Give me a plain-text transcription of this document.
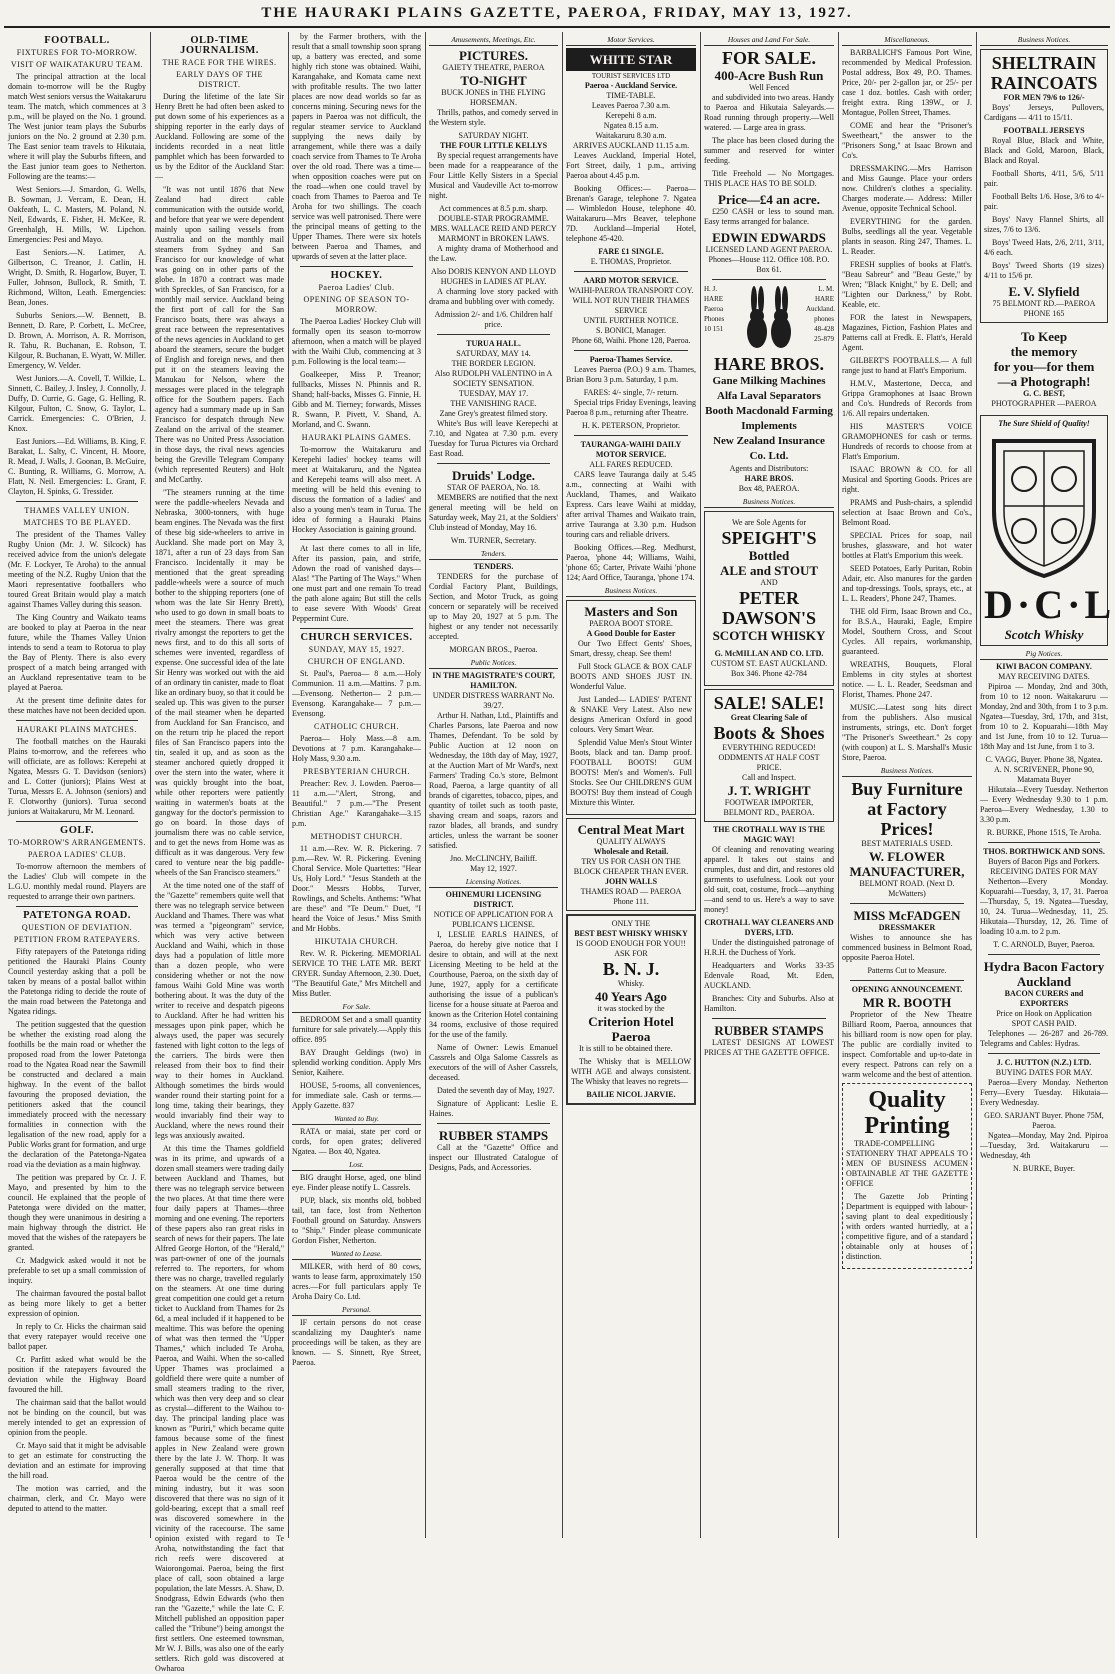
THE HAURAKI PLAINS GAZETTE, PAEROA, FRIDAY, MAY 13, 1927.
FOOTBALL.
FIXTURES FOR TO-MORROW.
VISIT OF WAIKATAKURU TEAM.

The principal attraction at the local domain to-morrow will be the Rugby match West seniors versus the Waitakaruru team. The match, which commences at 3 p.m., will be played on the No. 1 ground. The West junior team plays the Suburbs juniors on the No. 2 ground at 2.30 p.m. The East senior team travels to Hikutaia, where it will play the Suburbs fifteen, and the East junior team goes to Netherton. Following are the teams:—

West Seniors.—J. Smardon, G. Wells, B. Sowman, J. Vercam, E. Dean, H. Oakfeath, L. C. Masters, M. Poland, N. Neil, Edwards, E. Fisher, H. McKee, R. Greenhalgh, H. Mills, W. Lipchon. Emergencies: Pesi and Mayo.

East Seniors.—N. Latimer, A. Gilbertson, C. Treanor, J. Catlin, H. Wright, D. Smith, R. Hogarlow, Buyer, T. Fuller, Johnson, Bullock, R. Smith, T. Richmond, Wilton, Leath. Emergencies: Bean, Jones.

Suburbs Seniors.—W. Bennett, B. Bennett, D. Rare, P. Corbett, L. McCree, D. Brown, A. Morrison, A. R. Morrison, R. Tahu, R. Buchanan, E. Robson, T. Kilgour, R. Buchanan, E. Wyatt, W. Miller. Emergency, W. Velder.

West Juniors.—A. Covell, T. Wilkie, L. Sinnett, C. Bailey, J. Insley, J. Connolly, J. Duffy, D. Currie, G. Gage, G. Helling, R. Kilgour, Fulton, C. Snow, G. Taylor, L. Carrick. Emergencies: C. O'Brien, J. Knox.

East Juniors.—Ed. Williams, B. King, F. Barakat, L. Salty, C. Vincent, H. Moore, R. Mead, J. Walls, J. Goonan, B. McGuire, C. Bunting, R. Williams, G. Morrow, A. Flatt, N. Neil. Emergencies: L. Grant, F. Clayton, H. Spinks, G. Tressider.

THAMES VALLEY UNION.
MATCHES TO BE PLAYED.

The president of the Thames Valley Rugby Union (Mr. J. W. Silcock) has received advice from the union's delegate (Mr. F. Lockyer, Te Aroha) to the annual meeting of the N.Z. Rugby Union that the Maori representative footballers who toured Great Britain would play a match against Thames Valley during this season.

The King Country and Waikato teams are booked to play at Paeroa in the near future, while the Thames Valley Union intends to send a team to Rotorua to play the Bay of Plenty. There is also every prospect of a match being arranged with an Auckland representative team to be played at Paeroa.

At the present time definite dates for these matches have not been decided upon.

HAURAKI PLAINS MATCHES.

The football matches on the Hauraki Plains to-morrow, and the referees who will officiate, are as follows: Kerepehi at Ngatea, Messrs G. T. Davidson (seniors) and L. Cotter (juniors); Plains West at Turua, Messrs E. A. Johnson (seniors) and F. Clotworthy (juniors). Turua second juniors at Waitakaruru, Mr M. Leonard.

GOLF.
TO-MORROW'S ARRANGEMENTS.
PAEROA LADIES' CLUB.

To-morrow afternoon the members of the Ladies' Club will compete in the L.G.U. monthly medal round. Players are requested to arrange their own partners.

PATETONGA ROAD.
QUESTION OF DEVIATION.
PETITION FROM RATEPAYERS.

Fifty ratepayers of the Patetonga riding petitioned the Hauraki Plains County Council yesterday asking that a poll be taken by means of a postal ballot within the Patetonga riding to decide the route of the main road between the Patetonga and Ngatea ridings.

The petition suggested that the question be whether the existing road along the foothills be the main road or whether the proposed road from the lower Patetonga road to the Ngatea Road near the Sawmill be constructed and declared a main highway. In the event of the ballot favouring the proposed deviation, the petitioners asked that the council immediately proceed with the necessary formalities in connection with the legalisation of the new road, apply for a Public Works grant for formation, and urge the declaration of the Patetonga-Ngatea road via the deviation as a main highway.

The petition was prepared by Cr. J. F. Mayo, and presented by him to the council. He explained that the people of Patetonga were divided on the matter, though they were unanimous in desiring a main highway through the district. He moved that the wishes of the ratepayers be granted.

Cr. Madgwick asked would it not be preferable to set up a small commission of inquiry.

The chairman favoured the postal ballot as being more likely to get a better expression of opinion.

In reply to Cr. Hicks the chairman said that every ratepayer would receive one ballot paper.

Cr. Parfitt asked what would be the position if the ratepayers favoured the deviation while the Highway Board favoured the hill.

The chairman said that the ballot would not be binding on the council, but was merely intended to get an expression of opinion from the people.

Cr. Mayo said that it might be advisable to get an estimate for constructing the deviation and an estimate for improving the hill road.

The motion was carried, and the chairman, clerk, and Cr. Mayo were deputed to attend to the matter.

OLD-TIME JOURNALISM.
THE RACE FOR THE WIRES.
EARLY DAYS OF THE DISTRICT.

During the lifetime of the late Sir Henry Brett he had often been asked to put down some of his experiences as a shipping reporter in the early days of Auckland. Following are some of the incidents recorded in a neat little pamphlet which has been forwarded to us by the Editor of the Auckland Star:—

"It was not until 1876 that New Zealand had direct cable communication with the outside world, and before that year we were dependent mainly upon sailing vessels from Australia and on the monthly mail steamers from Sydney and San Francisco for our knowledge of what was going on in other parts of the globe. In 1870 a contract was made with Spreckles, of San Francisco, for a monthly mail service. Auckland being the first port of call for the San Francisco boats, there was always a great race between the representatives of the news agencies in Auckland to get aboard the steamers, secure the budget of English and foreign news, and then put it on the steamers leaving the Manukau for Nelson, where the messages were placed in the telegraph office for the Southern papers. Each agency had a summary made up in San Francisco for despatch through New Zealand on the arrival of the steamer. There was no United Press Association in those days, the rival news agencies being the Greville Telegram Company (which represented Reuters) and Holt and McCarthy.

"The steamers running at the time were the paddle-wheelers Nevada and Nebraska, 3000-tonners, with huge beam engines. The Nevada was the first of these big side-wheelers to arrive in Auckland. She made port on May 3, 1871, after a run of 23 days from San Francisco. Incidentally it may be mentioned that the great spreading paddle-wheels were a source of much bother to the shipping reporters (one of whom was the late Sir Henry Brett), who used to go down in small boats to meet the steamers. There was great rivalry amongst the reporters to get the news first, and to do this all sorts of schemes were invented, regardless of expense. One successful idea of the late Sir Henry was worked out with the aid of an ordinary tin canister, made to float like an ordinary buoy, so that it could be sealed up. This was given to the purser of the mail steamer when he departed from Auckland for San Francisco, and on the return trip he placed the report files of San Francisco papers into the tin, sealed it up, and as soon as the steamer anchored quietly dropped it over the stern into the water, where it was quickly brought into the boat, while other reporters were patiently waiting in watermen's boats at the gangway for the doctor's permission to go on board. In those days of journalism there was no cable service, and to get the news from Home was as difficult as it was dangerous. Very few cared to venture near the big paddle-wheels of the San Francisco steamers."

At the time noted one of the staff of the "Gazette" remembers quite well that there was no telegraph service between Auckland and Thames. There was what was termed a "pigeongram" service, which was very active between Auckland and Waihi, which in those days had a population of little more than a dozen people, who were considering whether or not the now famous Waihi Gold Mine was worth bothering about. It was the duty of the writer to receive and despatch pigeons to Auckland. After he had written his messages upon pink paper, which he always used, the paper was securely fastened with light cotton to the legs of the carriers. The birds were then released from their box to find their way to their homes in Auckland. Although sometimes the birds would wander round their starting point for a long time, taking their bearings, they would invariably find their way to Auckland, where the news round their legs was anxiously awaited.

At this time the Thames goldfield was in its prime, and upwards of a dozen small steamers were trading daily between Auckland and Thames, but there was no telegraph service between the two places. At that time there were four daily papers at Thames—three morning and one evening. The reporters of these papers also ran great risks in search of news for their papers. The late Alfred George Horton, of the "Herald," was part-owner of one of the journals referred to. The reporters, for whom there was no charge, travelled regularly on the steamers. At one time during great competition one could get a return ticket to Auckland from Thames for 2s 6d, a meal included if it happened to be mealtime. This was before the opening of what was then termed the "Upper Thames," which included Te Aroha, Paeroa, and Waihi. When the so-called Upper Thames was proclaimed a goldfield there were quite a number of small steamers trading to the river, which was then very deep and so clear as crystal—different to the Waihou to-day. The principal landing place was known as "Puriri," which became quite famous because some of the finest apples in New Zealand were grown there by the late J. W. Thorp. It was generally supposed at that time that Paeroa would be the centre of the mining industry, but it was soon discovered that there was no sign of it gold-bearing, except that a small reef was discovered somewhere in the vicinity of the racecourse. The same opinion existed with regard to Te Aroha, notwithstanding the fact that rich reefs were discovered at Waiorongomai. Paeroa, being the first place of call, soon obtained a large population, the late Messrs. A. Shaw, D. Snodgrass, Edwin Edwards (who then ran the "Gazette," while the late C. F. Mitchell published an opposition paper called the "Tribune") being amongst the first settlers. One esteemed townsman, Mr W. J. Bills, was also one of the early settlers. Rich gold was discovered at Owharoa

by the Farmer brothers, with the result that a small township soon sprang up, a battery was erected, and some highly rich stone was obtained. Waihi, Karangahake, and Komata came next with profitable results. The two latter places are now dead worlds so far as concerns mining. Securing news for the papers in Paeroa was not difficult, the regular steamer service to Auckland supplying the news daily by arrangement, while there was a daily coach service from Thames to Te Aroha over the old road. There was a time—when opposition coaches were put on the road—when one could travel by coach from Thames to Paeroa and Te Aroha for two shillings. The coach service was well patronised. There were the principal means of getting to the Upper Thames. There were six hotels between Paeroa and Thames, and upwards of seven at the latter place.

HOCKEY.
Paeroa Ladies' Club.
OPENING OF SEASON TO-MORROW.

The Paeroa Ladies' Hockey Club will formally open its season to-morrow afternoon, when a match will be played with the Waihi Club, commencing at 3 p.m. Following is the local team:—

Goalkeeper, Miss P. Treanor; fullbacks, Misses N. Phinnis and R. Shand; half-backs, Misses G. Finnie, H. Gibb and M. Tierney; forwards, Misses R. Swann, P. Pivett, V. Shand, A. Morland, and C. Swann.

HAURAKI PLAINS GAMES.

To-morrow the Waitakaruru and Kerepehi ladies' hockey teams will meet at Waitakaruru, and the Ngatea and Kerepehi teams will also meet. A meeting will be held this evening to discuss the formation of a ladies' and also a young men's team in Turua. The idea of forming a Hauraki Plains Hockey Association is gaining ground.

At last there comes to all in life, After its passion, pain, and strife, Adown the road of vanished days— Alas! "The Parting of The Ways." When one must part and one remain To tread the path alone again; But still the cells to ease severe With Woods' Great Peppermint Cure.

CHURCH SERVICES.
SUNDAY, MAY 15, 1927.
CHURCH OF ENGLAND.

St. Paul's, Paeroa— 8 a.m.—Holy Communion. 11 a.m.—Mattins. 7 p.m.—Evensong. Netherton— 2 p.m.—Evensong. Karangahake— 7 p.m.—Evensong.

CATHOLIC CHURCH.

Paeroa— Holy Mass.—8 a.m. Devotions at 7 p.m. Karangahake— Holy Mass, 9.30 a.m.

PRESBYTERIAN CHURCH.

Preacher: Rev. J. Lowden. Paeroa— 11 a.m.—"Alert, Strong, and Beautiful." 7 p.m.—"The Present Christian Age." Karangahake—3.15 p.m.

METHODIST CHURCH.

11 a.m.—Rev. W. R. Pickering. 7 p.m.—Rev. W. R. Pickering. Evening Choral Service. Mole Quartettes: "Hear Us, Holy Lord." "Jesus Standeth at the Door." Messrs Hobbs, Turver, Rowlings, and Schelts. Anthems: "What are these" and "Te Deum." Duet, "I heard the Voice of Jesus." Miss Smith and Mr Hobbs.

HIKUTAIA CHURCH.

Rev. W. R. Pickering. MEMORIAL SERVICE TO THE LATE MR. BERT CRYER. Sunday Afternoon, 2.30. Duet, "The Beautiful Gate," Mrs Mitchell and Miss Butler.

For Sale.

BEDROOM Set and a small quantity furniture for sale privately.—Apply this office. 895

BAY Draught Geldings (two) in splendid working condition. Apply Mrs Senior, Kaihere.

HOUSE, 5-rooms, all conveniences, for immediate sale. Cash or terms.—Apply Gazette. 837

Wanted to Buy.

RATA or maiai, state per cord or cords, for open grates; delivered Ngatea. — Box 40, Ngatea.

Lost.

BIG draught Horse, aged, one blind eye. Finder please notify L. Cassrels.

PUP, black, six months old, bobbed tail, tan face, lost from Netherton Football ground on Saturday. Answers to "Ship." Finder please communicate Gordon Fisher, Netherton.

Wanted to Lease.

MILKER, with herd of 80 cows, wants to lease farm, approximately 150 acres.—For full particulars apply Te Aroha Dairy Co. Ltd.

Personal.

IF certain persons do not cease scandalizing my Daughter's name proceedings will be taken, as they are known. — S. Sinnett, Rye Street, Paeroa.

Amusements, Meetings, Etc.
PICTURES.
GAIETY THEATRE, PAEROA
TO-NIGHT
BUCK JONES in THE FLYING HORSEMAN.

Thrills, pathos, and comedy served in the Western style.

SATURDAY NIGHT.
THE FOUR LITTLE KELLYS

By special request arrangements have been made for a reappearance of the Four Little Kelly Sisters in a Special Musical and Vaudeville Act to-morrow night.

Act commences at 8.5 p.m. sharp.
DOUBLE-STAR PROGRAMME.
MRS. WALLACE REID AND PERCY MARMONT in BROKEN LAWS.

A mighty drama of Motherhood and the Law.

Also DORIS KENYON AND LLOYD HUGHES in LADIES AT PLAY.

A charming love story packed with drama and bubbling over with comedy.

Admission 2/- and 1/6. Children half price.
TURUA HALL.
SATURDAY, MAY 14.
THE BORDER LEGION.
Also RUDOLPH VALENTINO in A SOCIETY SENSATION.
TUESDAY, MAY 17.
THE VANISHING RACE.
Zane Grey's greatest filmed story.

White's Bus will leave Kerepechi at 7.10, and Ngatea at 7.30 p.m. every Tuesday for Turua Pictures via Orchard East Road.

Druids' Lodge.
STAR OF PAEROA, No. 18.

MEMBERS are notified that the next general meeting will be held on Saturday week, May 21, at the Soldiers' Club instead of Monday, May 16.

Wm. TURNER, Secretary.
Tenders.
TENDERS.

TENDERS for the purchase of Cordial Factory Plant, Buildings, Section, and Motor Truck, as going concern or separately will be received up to May 20, 1927 at 5 p.m. The highest or any tender not necessarily accepted.

MORGAN BROS., Paeroa.
Public Notices.
IN THE MAGISTRATE'S COURT, HAMILTON.
UNDER DISTRESS WARRANT No. 39/27.

Arthur H. Nathan, Ltd., Plaintiffs and Charles Parsons, late Paeroa and now Thames, Defendant. To be sold by Public Auction at 12 noon on Wednesday, the 18th day of May, 1927, at the Auction Mart of Mr Ward's, next Farmers' Trading Co.'s store, Belmont Road, Paeroa, a large quantity of all brands of cigarettes, tobacco, pipes, and quantity of toilet such as tooth paste, shaving cream and soaps, razors and razor blades, all brands, and sundry articles, unless the warrant be sooner satisfied.

Jno. McCLINCHY, Bailiff.
May 12, 1927.
Licensing Notices.
OHINEMURI LICENSING DISTRICT.
NOTICE OF APPLICATION FOR A PUBLICAN'S LICENSE.

I, LESLIE EARLS HAINES, of Paeroa, do hereby give notice that I desire to obtain, and will at the next Licensing Meeting to be held at the Courthouse, Paeroa, on the sixth day of June, 1927, apply for a certificate authorising the issue of a publican's license for a house situate at Paeroa and known as the Criterion Hotel containing 34 rooms, exclusive of those required for the use of the family.

Name of Owner: Lewis Emanuel Cassrels and Olga Salome Cassrels as executors of the will of Asher Cassrels, deceased.

Dated the seventh day of May, 1927.

Signature of Applicant: Leslie E. Haines.

RUBBER STAMPS

Call at the "Gazette" Office and inspect our Illustrated Catalogue of Designs, Pads, and Accessories.

Motor Services.
WHITE STAR
TOURIST SERVICES LTD
Paeroa - Auckland Service.
TIME-TABLE.
Leaves Paeroa 7.30 a.m.
Kerepehi 8 a.m.
Ngatea 8.15 a.m.
Waitakaruru 8.30 a.m.
ARRIVES AUCKLAND 11.15 a.m.

Leaves Auckland, Imperial Hotel, Fort Street, daily, 1 p.m., arriving Paeroa about 4.45 p.m.

Booking Offices:— Paeroa—Brenan's Garage, telephone 7. Ngatea — Wimbledon House, telephone 40. Waitakaruru—Mrs Beaver, telephone 7D. Auckland—Imperial Hotel, telephone 45-420.

FARE £1 SINGLE.
E. THOMAS, Proprietor.
AARD MOTOR SERVICE.
WAIHI-PAEROA TRANSPORT COY.
WILL NOT RUN THEIR THAMES SERVICE
UNTIL FURTHER NOTICE.
S. BONICI, Manager.
Phone 68, Waihi. Phone 128, Paeroa.
Paeroa-Thames Service.

Leaves Paeroa (P.O.) 9 a.m. Thames, Brian Boru 3 p.m. Saturday, 1 p.m.

FARES: 4/- single, 7/- return.

Special trips Friday Evenings, leaving Paeroa 8 p.m., returning after Theatre.

H. K. PETERSON, Proprietor.
TAURANGA-WAIHI DAILY MOTOR SERVICE.
ALL FARES REDUCED.

CARS leave Tauranga daily at 5.45 a.m., connecting at Waihi with Auckland, Thames, and Waikato Express. Cars leave Waihi at midday, after arrival Thames and Waikato train, arrive Tauranga at 3.30 p.m. Hudson touring cars and reliable drivers.

Booking Offices.—Reg. Medhurst, Paeroa, 'phone 44; Williams, Waihi, 'phone 65; Carter, Private Waihi 'phone 124; Aard Office, Tauranga, 'phone 174.

Business Notices.
Masters and Son
PAEROA BOOT STORE.
A Good Double for Easter

Our Two Effect Gents' Shoes, Smart, dressy, cheap. See them!

Full Stock GLACE & BOX CALF BOOTS AND SHOES JUST IN. Wonderful Value.

Just Landed— LADIES' PATENT & SNAKE Very Latest. Also new designs American Oxford in good colours. Very Smart Wear.

Splendid Value Men's Stout Winter Boots, black and tan. Damp proof. FOOTBALL BOOTS! GUM BOOTS! Men's and Women's. Full Stocks. See Our CHILDREN'S GUM BOOTS! Buy them instead of Cough Mixture this Winter.

Central Meat Mart
QUALITY ALWAYS
Wholesale and Retail.
TRY US FOR CASH ON THE BLOCK CHEAPER THAN EVER.
JOHN WALLS
THAMES ROAD — PAEROA Phone 111.
ONLY THE
BEST BEST WHISKY WHISKY
IS GOOD ENOUGH FOR YOU!!
ASK FOR
B. N. J.
Whisky.
40 Years Ago
it was stocked by the
Criterion Hotel
Paeroa

It is still to be obtained there.

The Whisky that is MELLOW WITH AGE and always consistent. The Whisky that leaves no regrets—

BAILIE NICOL JARVIE.
Houses and Land For Sale.
FOR SALE.
400-Acre Bush Run
Well Fenced

and subdivided into two areas. Handy to Paeroa and Hikutaia Saleyards.—Road running through property.—Well watered. — Large area in grass.

The place has been closed during the summer and reserved for winter feeding.

Title Freehold — No Mortgages. THIS PLACE HAS TO BE SOLD.

Price—£4 an acre.

£250 CASH or less to sound man. Easy terms arranged for balance.

EDWIN EDWARDS
LICENSED LAND AGENT PAEROA.
Phones—House 112. Office 108. P.O. Box 61.
H. J. HARE Paeroa Phones 10 151
L. M. HARE Auckland. phones 48-428 25-879
HARE BROS.
Gane Milking Machines
Alfa Laval Separators
Booth Macdonald Farming Implements
New Zealand Insurance Co. Ltd.
Agents and Distributors:
HARE BROS.
Box 48, PAEROA.
Business Notices.
We are Sole Agents for
SPEIGHT'S
Bottled
ALE and STOUT
AND
PETER DAWSON'S
SCOTCH WHISKY
G. McMILLAN AND CO. LTD.
CUSTOM ST. EAST AUCKLAND.
Box 346. Phone 42-784
SALE! SALE!
Great Clearing Sale of
Boots & Shoes
EVERYTHING REDUCED!
ODDMENTS AT HALF COST PRICE.
Call and Inspect.
J. T. WRIGHT
FOOTWEAR IMPORTER, BELMONT RD., PAEROA.
THE CROTHALL WAY IS THE MAGIC WAY!

Of cleaning and renovating wearing apparel. It takes out stains and crumples, dust and dirt, and restores old garments to usefulness. Look out your old suit, coat, costume, frock—anything—and send to us. Here's a way to save money!

CROTHALL WAY CLEANERS AND DYERS, LTD.

Under the distinguished patronage of H.R.H. the Duchess of York.

Headquarters and Works 33-35 Edenvale Road, Mt. Eden, AUCKLAND.

Branches: City and Suburbs. Also at Hamilton.

RUBBER STAMPS

LATEST DESIGNS AT LOWEST PRICES AT THE GAZETTE OFFICE.

Miscellaneous.

BARBALICH'S Famous Port Wine, recommended by Medical Profession. Postal address, Box 49, P.O. Thames. Price, 20/- per 2-gallon jar, or 25/- per case 1 doz. bottles. Cash with order; freight extra. Ring 139W., or J. Montague, Pollen Street, Thames.

COME and hear the "Prisoner's Sweetheart," the answer to the "Prisoners Song," at Isaac Brown and Co's.

DRESSMAKING.—Mrs Harrison and Miss Gaunge. Place your orders now. Children's clothes a speciality. Charges moderate.— Address: Miller Avenue, opposite Technical School.

EVERYTHING for the garden. Bulbs, seedlings all the year. Vegetable plants in season. Ring 247, Thames. L. L. Reader.

FRESH supplies of books at Flatt's. "Beau Sabreur" and "Beau Geste," by Wren; "Black Knight," by E. Dell; and "Lighten our Darkness," by Robt. Keable, etc.

FOR the latest in Newspapers, Magazines, Fiction, Fashion Plates and Patterns call at Fredk. E. Flatt's, Herald Agent.

GILBERT'S FOOTBALLS.— A full range just to hand at Flatt's Emporium.

H.M.V., Mastertone, Decca, and Grippa Gramophones at Isaac Brown and Co's. Hundreds of Records from 1/6. All repairs undertaken.

HIS MASTER'S VOICE GRAMOPHONES for cash or terms. Hundreds of records to choose from at Flatt's Emporium.

ISAAC BROWN & CO. for all Musical and Sporting Goods. Prices are right.

PRAMS and Push-chairs, a splendid selection at Isaac Brown and Co's., Belmont Road.

SPECIAL Prices for soap, nail brushes, glassware, and hot water bottles at Flatt's Emporium this week.

SEED Potatoes, Early Puritan, Robin Adair, etc. Also manures for the garden and top-dressings. Tools, sprays, etc., at L. L. Readers', Phone 247, Thames.

THE old Firm, Isaac Brown and Co., for B.S.A., Hauraki, Eagle, Empire Model, Southern Cross, and Scout Cycles. All repairs, workmanship, guaranteed.

WREATHS, Bouquets, Floral Emblems in city styles at shortest notice. — L. L. Reader, Seedsman and Florist, Thames. Phone 247.

MUSIC.—Latest song hits direct from the publishers. Also musical instruments, strings, etc. Don't forget "The Prisoner's Sweetheart." 2s copy (with coupon) at L. S. Marshall's Music Store, Paeroa.

Business Notices.
Buy Furniture at Factory Prices!
BEST MATERIALS USED.
W. FLOWER MANUFACTURER,
BELMONT ROAD. (Next D. McWatters)
MISS McFADGEN
DRESSMAKER

Wishes to announce she has commenced business in Belmont Road, opposite Paeroa Hotel.

Patterns Cut to Measure.
OPENING ANNOUNCEMENT.
MR R. BOOTH

Proprietor of the New Theatre Billiard Room, Paeroa, announces that his billiard room is now open for play. The public are cordially invited to inspect. Comfortable and up-to-date in every respect. Patrons can rely on a warm welcome and the best of attention.

Quality Printing

TRADE-COMPELLING STATIONERY THAT APPEALS TO MEN OF BUSINESS ACUMEN OBTAINABLE AT THE GAZETTE OFFICE

The Gazette Job Printing Department is equipped with labour-saving plant to deal expeditiously with orders wanted hurriedly, at a competitive figure, and of a standard obtainable only at houses of distinction.

Business Notices.
SHELTRAIN RAINCOATS
FOR MEN 79/6 to 126/-

Boys' Jerseys, Pullovers, Cardigans — 4/11 to 15/11.

FOOTBALL JERSEYS

Royal Blue, Black and White, Black and Gold, Maroon, Black, Black and Royal.

Football Shorts, 4/11, 5/6, 5/11 pair.

Football Belts 1/6. Hose, 3/6 to 4/- pair.

Boys' Navy Flannel Shirts, all sizes, 7/6 to 13/6.

Boys' Tweed Hats, 2/6, 2/11, 3/11, 4/6 each.

Boys' Tweed Shorts (19 sizes) 4/11 to 15/6 pr.

E. V. Slyfield
75 BELMONT RD.—PAEROA PHONE 165
To Keep
the memory
for you—for them
—a Photograph!
G. C. BEST,
PHOTOGRAPHER —PAEROA
The Sure Shield of Quality!
D·C·L
Scotch Whisky
Pig Notices.
KIWI BACON COMPANY.
MAY RECEIVING DATES.

Pipiroa — Monday, 2nd and 30th, from 10 to 12 noon. Waitakaruru — Monday, 2nd and 30th, from 1 to 3 p.m. Ngatea—Tuesday, 3rd, 17th, and 31st, from 10 to 2. Kopuarahi—18th May and 1st June, from 10 to 12. Turua—18th May and 1st June, from 1 to 3.

C. VAGG, Buyer. Phone 38, Ngatea.
A. N. SCRIVENER, Phone 90, Matamata Buyer

Hikutaia—Every Tuesday. Netherton — Every Wednesday 9.30 to 1 p.m. Paeroa—Every Wednesday, 1.30 to 3.30 p.m.

R. BURKE, Phone 151S, Te Aroha.
THOS. BORTHWICK AND SONS.
Buyers of Bacon Pigs and Porkers.
RECEIVING DATES FOR MAY

Netherton—Every Monday. Kopuarahi—Tuesday, 3, 17, 31. Paeroa—Thursday, 5, 19. Ngatea—Tuesday, 10, 24. Turua—Wednesday, 11, 25. Hikutaia—Thursday, 12, 26. Time of loading 10 a.m. to 2 p.m.

T. C. ARNOLD, Buyer, Paeroa.
Hydra Bacon Factory Auckland
BACON CURERS and EXPORTERS
Price on Hook on Application
SPOT CASH PAID.

Telephones — 26-287 and 26-789. Telegrams and Cables: Hydras.

J. C. HUTTON (N.Z.) LTD.
BUYING DATES FOR MAY.

Paeroa—Every Monday. Netherton Ferry—Every Tuesday. Hikutaia—Every Wednesday.

GEO. SARJANT Buyer. Phone 75M, Paeroa.

Ngatea—Monday, May 2nd. Pipiroa—Tuesday, 3rd. Waitakaruru — Wednesday, 4th

N. BURKE, Buyer.
